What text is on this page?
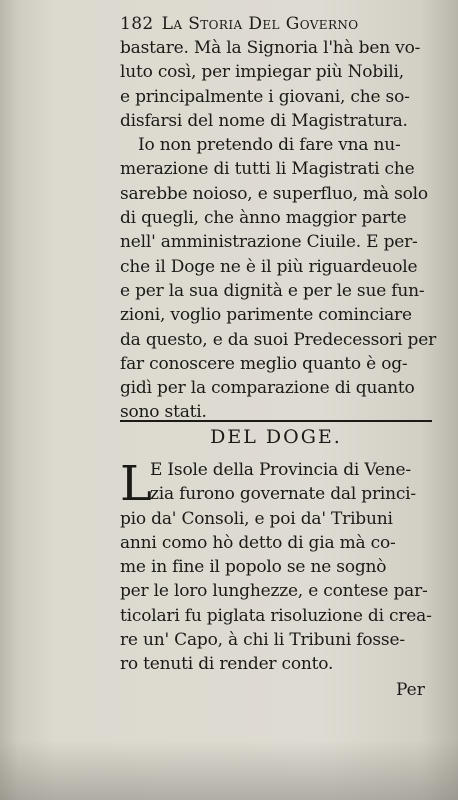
182 La Storia Del Governo
bastare. Mà la Signoria l'hà ben vo-
luto così, per impiegar più Nobili,
e principalmente i giovani, che so-
disfarsi del nome di Magistratura.
Io non pretendo di fare vna nu-
merazione di tutti li Magistrati che
sarebbe noioso, e superfluo, mà solo
di quegli, che ànno maggior parte
nell' amministrazione Ciuile. E per-
che il Doge ne è il più riguardeuole
e per la sua dignità e per le sue fun-
zioni, voglio parimente cominciare
da questo, e da suoi Predecessori per
far conoscere meglio quanto è og-
gidì per la comparazione di quanto
sono stati.
DEL DOGE.
L
E Isole della Provincia di Vene-
zia furono governate dal princi-
pio da' Consoli, e poi da' Tribuni
anni como hò detto di gia mà co-
me in fine il popolo se ne sognò
per le loro lunghezze, e contese par-
ticolari fu piglata risoluzione di crea-
re un' Capo, à chi li Tribuni fosse-
ro tenuti di render conto.
Per
